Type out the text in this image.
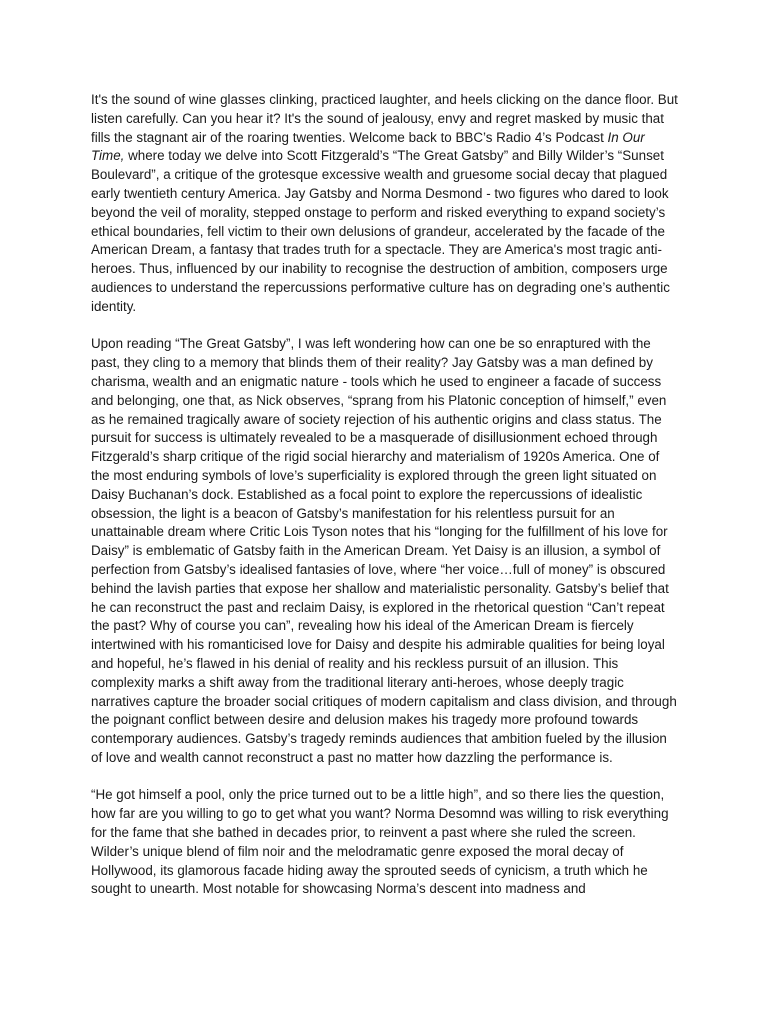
It's the sound of wine glasses clinking, practiced laughter, and heels clicking on the dance floor. But listen carefully. Can you hear it? It's the sound of jealousy, envy and regret masked by music that fills the stagnant air of the roaring twenties. Welcome back to BBC’s Radio 4’s Podcast In Our Time, where today we delve into Scott Fitzgerald’s “The Great Gatsby” and Billy Wilder’s “Sunset Boulevard”, a critique of the grotesque excessive wealth and gruesome social decay that plagued early twentieth century America. Jay Gatsby and Norma Desmond - two figures who dared to look beyond the veil of morality, stepped onstage to perform and risked everything to expand society’s ethical boundaries, fell victim to their own delusions of grandeur, accelerated by the facade of the American Dream, a fantasy that trades truth for a spectacle. They are America's most tragic anti-heroes. Thus, influenced by our inability to recognise the destruction of ambition, composers urge audiences to understand the repercussions performative culture has on degrading one’s authentic identity.

Upon reading “The Great Gatsby”, I was left wondering how can one be so enraptured with the past, they cling to a memory that blinds them of their reality? Jay Gatsby was a man defined by charisma, wealth and an enigmatic nature - tools which he used to engineer a facade of success and belonging, one that, as Nick observes, “sprang from his Platonic conception of himself,” even as he remained tragically aware of society rejection of his authentic origins and class status. The pursuit for success is ultimately revealed to be a masquerade of disillusionment echoed through Fitzgerald’s sharp critique of the rigid social hierarchy and materialism of 1920s America. One of the most enduring symbols of love’s superficiality is explored through the green light situated on Daisy Buchanan’s dock. Established as a focal point to explore the repercussions of idealistic obsession, the light is a beacon of Gatsby’s manifestation for his relentless pursuit for an unattainable dream where Critic Lois Tyson notes that his “longing for the fulfillment of his love for Daisy” is emblematic of Gatsby faith in the American Dream. Yet Daisy is an illusion, a symbol of perfection from Gatsby’s idealised fantasies of love, where “her voice…full of money” is obscured behind the lavish parties that expose her shallow and materialistic personality. Gatsby’s belief that he can reconstruct the past and reclaim Daisy, is explored in the rhetorical question “Can’t repeat the past? Why of course you can”, revealing how his ideal of the American Dream is fiercely intertwined with his romanticised love for Daisy and despite his admirable qualities for being loyal and hopeful, he’s flawed in his denial of reality and his reckless pursuit of an illusion. This complexity marks a shift away from the traditional literary anti-heroes, whose deeply tragic narratives capture the broader social critiques of modern capitalism and class division, and through the poignant conflict between desire and delusion makes his tragedy more profound towards contemporary audiences. Gatsby’s tragedy reminds audiences that ambition fueled by the illusion of love and wealth cannot reconstruct a past no matter how dazzling the performance is.

“He got himself a pool, only the price turned out to be a little high”, and so there lies the question, how far are you willing to go to get what you want? Norma Desomnd was willing to risk everything for the fame that she bathed in decades prior, to reinvent a past where she ruled the screen. Wilder’s unique blend of film noir and the melodramatic genre exposed the moral decay of Hollywood, its glamorous facade hiding away the sprouted seeds of cynicism, a truth which he sought to unearth. Most notable for showcasing Norma’s descent into madness and
